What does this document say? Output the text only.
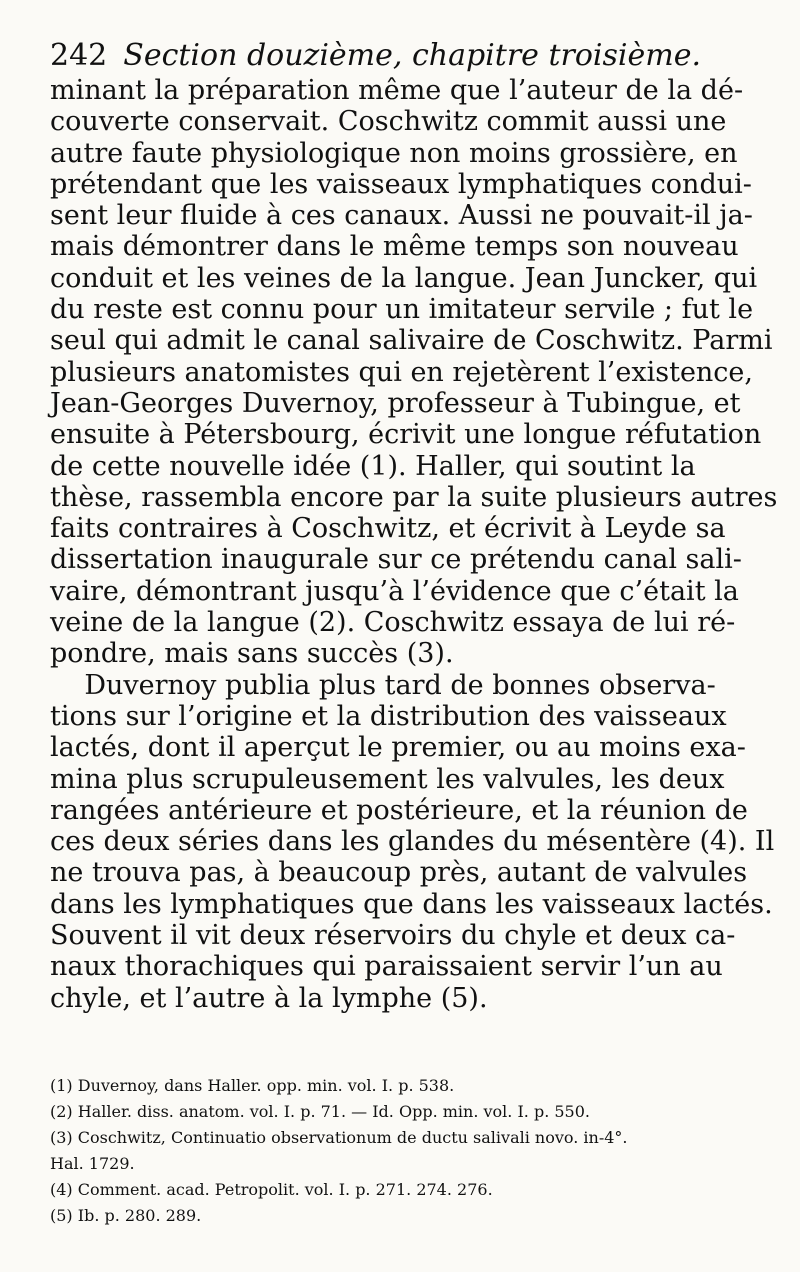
242 Section douzième, chapitre troisième.
minant la préparation même que l’auteur de la dé-
couverte conservait. Coschwitz commit aussi une
autre faute physiologique non moins grossière, en
prétendant que les vaisseaux lymphatiques condui-
sent leur fluide à ces canaux. Aussi ne pouvait-il ja-
mais démontrer dans le même temps son nouveau
conduit et les veines de la langue. Jean Juncker, qui
du reste est connu pour un imitateur servile ; fut le
seul qui admit le canal salivaire de Coschwitz. Parmi
plusieurs anatomistes qui en rejetèrent l’existence,
Jean-Georges Duvernoy, professeur à Tubingue, et
ensuite à Pétersbourg, écrivit une longue réfutation
de cette nouvelle idée (1). Haller, qui soutint la
thèse, rassembla encore par la suite plusieurs autres
faits contraires à Coschwitz, et écrivit à Leyde sa
dissertation inaugurale sur ce prétendu canal sali-
vaire, démontrant jusqu’à l’évidence que c’était la
veine de la langue (2). Coschwitz essaya de lui ré-
pondre, mais sans succès (3).
Duvernoy publia plus tard de bonnes observa-
tions sur l’origine et la distribution des vaisseaux
lactés, dont il aperçut le premier, ou au moins exa-
mina plus scrupuleusement les valvules, les deux
rangées antérieure et postérieure, et la réunion de
ces deux séries dans les glandes du mésentère (4). Il
ne trouva pas, à beaucoup près, autant de valvules
dans les lymphatiques que dans les vaisseaux lactés.
Souvent il vit deux réservoirs du chyle et deux ca-
naux thorachiques qui paraissaient servir l’un au
chyle, et l’autre à la lymphe (5).
(1) Duvernoy, dans Haller. opp. min. vol. I. p. 538.
(2) Haller. diss. anatom. vol. I. p. 71. — Id. Opp. min. vol. I. p. 550.
(3) Coschwitz, Continuatio observationum de ductu salivali novo. in-4°.
Hal. 1729.
(4) Comment. acad. Petropolit. vol. I. p. 271. 274. 276.
(5) Ib. p. 280. 289.
